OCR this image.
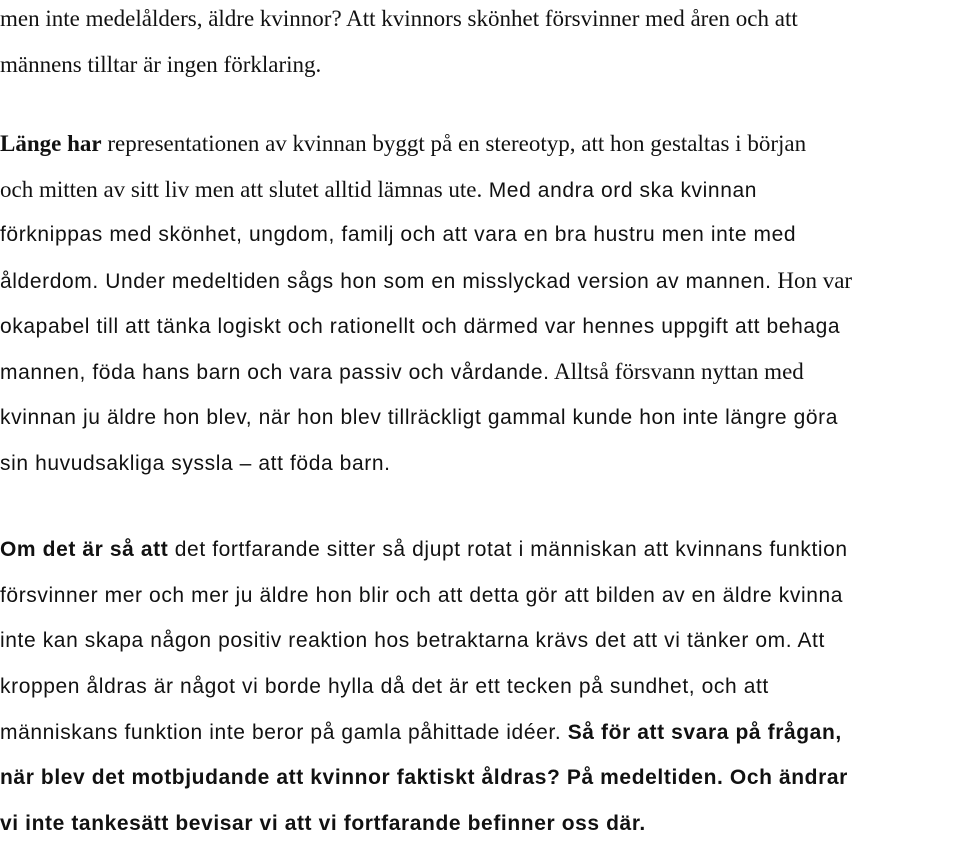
men inte medelålders, äldre kvinnor? Att kvinnors skönhet försvinner med åren och att
männens tilltar är ingen förklaring.
Länge har representationen av kvinnan byggt på en stereotyp, att hon gestaltas i början
och mitten av sitt liv men att slutet alltid lämnas ute. Med andra ord ska kvinnan
förknippas med skönhet, ungdom, familj och att vara en bra hustru men inte med
ålderdom. Under medeltiden sågs hon som en misslyckad version av mannen. Hon var
okapabel till att tänka logiskt och rationellt och därmed var hennes uppgift att behaga
mannen, föda hans barn och vara passiv och vårdande. Alltså försvann nyttan med
kvinnan ju äldre hon blev, när hon blev tillräckligt gammal kunde hon inte längre göra
sin huvudsakliga syssla – att föda barn.
Om det är så att det fortfarande sitter så djupt rotat i människan att kvinnans funktion
försvinner mer och mer ju äldre hon blir och att detta gör att bilden av en äldre kvinna
inte kan skapa någon positiv reaktion hos betraktarna krävs det att vi tänker om. Att
kroppen åldras är något vi borde hylla då det är ett tecken på sundhet, och att
människans funktion inte beror på gamla påhittade idéer. Så för att svara på frågan,
när blev det motbjudande att kvinnor faktiskt åldras? På medeltiden. Och ändrar
vi inte tankesätt bevisar vi att vi fortfarande befinner oss där.
